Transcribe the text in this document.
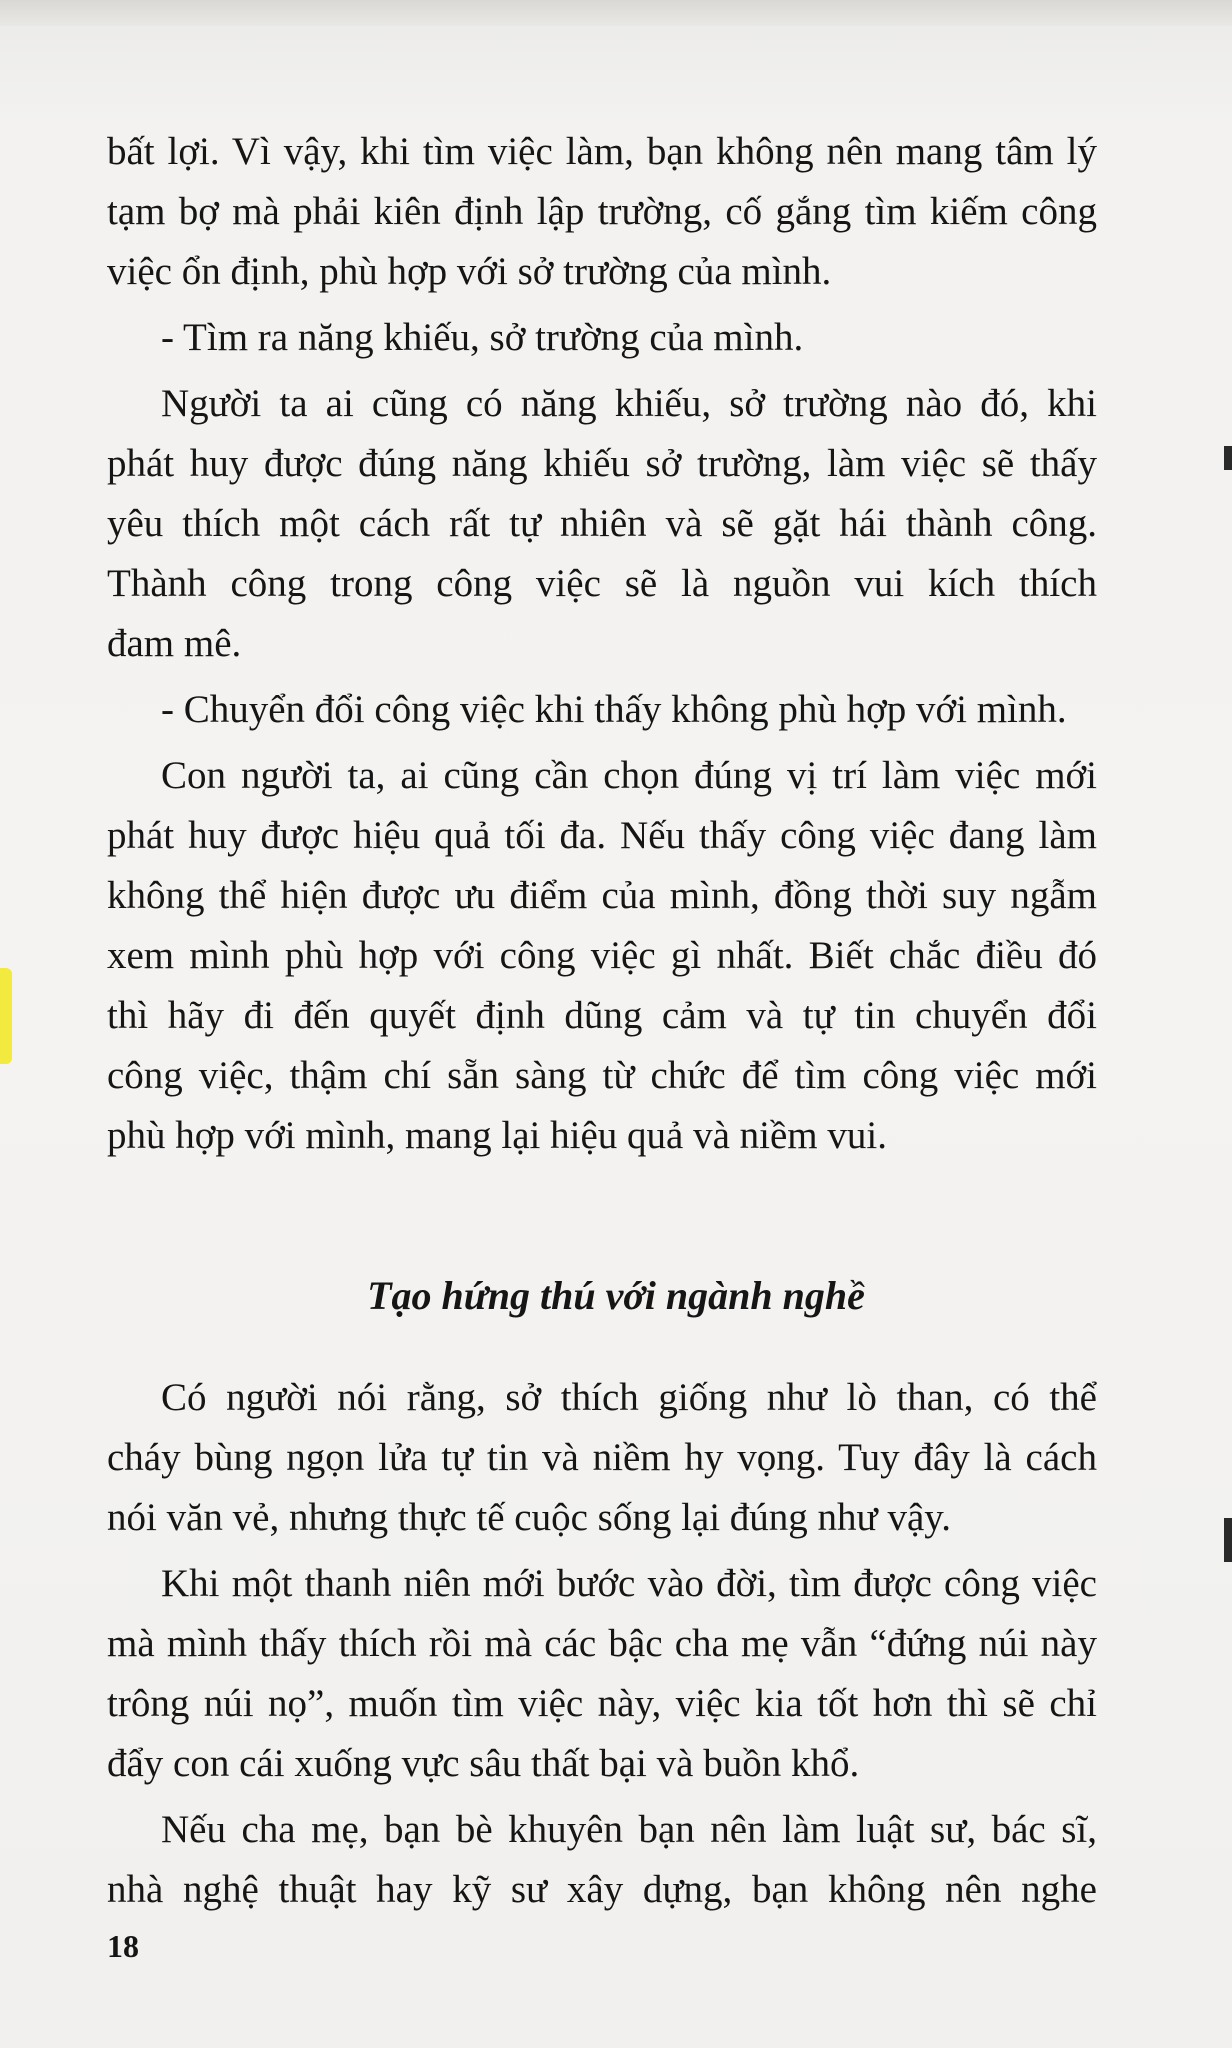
bất lợi. Vì vậy, khi tìm việc làm, bạn không nên mang tâm lý
tạm bợ mà phải kiên định lập trường, cố gắng tìm kiếm công
việc ổn định, phù hợp với sở trường của mình.
- Tìm ra năng khiếu, sở trường của mình.
Người ta ai cũng có năng khiếu, sở trường nào đó, khi
phát huy được đúng năng khiếu sở trường, làm việc sẽ thấy
yêu thích một cách rất tự nhiên và sẽ gặt hái thành công.
Thành công trong công việc sẽ là nguồn vui kích thích
đam mê.
- Chuyển đổi công việc khi thấy không phù hợp với mình.
Con người ta, ai cũng cần chọn đúng vị trí làm việc mới
phát huy được hiệu quả tối đa. Nếu thấy công việc đang làm
không thể hiện được ưu điểm của mình, đồng thời suy ngẫm
xem mình phù hợp với công việc gì nhất. Biết chắc điều đó
thì hãy đi đến quyết định dũng cảm và tự tin chuyển đổi
công việc, thậm chí sẵn sàng từ chức để tìm công việc mới
phù hợp với mình, mang lại hiệu quả và niềm vui.
Tạo hứng thú với ngành nghề
Có người nói rằng, sở thích giống như lò than, có thể
cháy bùng ngọn lửa tự tin và niềm hy vọng. Tuy đây là cách
nói văn vẻ, nhưng thực tế cuộc sống lại đúng như vậy.
Khi một thanh niên mới bước vào đời, tìm được công việc
mà mình thấy thích rồi mà các bậc cha mẹ vẫn “đứng núi này
trông núi nọ”, muốn tìm việc này, việc kia tốt hơn thì sẽ chỉ
đẩy con cái xuống vực sâu thất bại và buồn khổ.
Nếu cha mẹ, bạn bè khuyên bạn nên làm luật sư, bác sĩ,
nhà nghệ thuật hay kỹ sư xây dựng, bạn không nên nghe
18
